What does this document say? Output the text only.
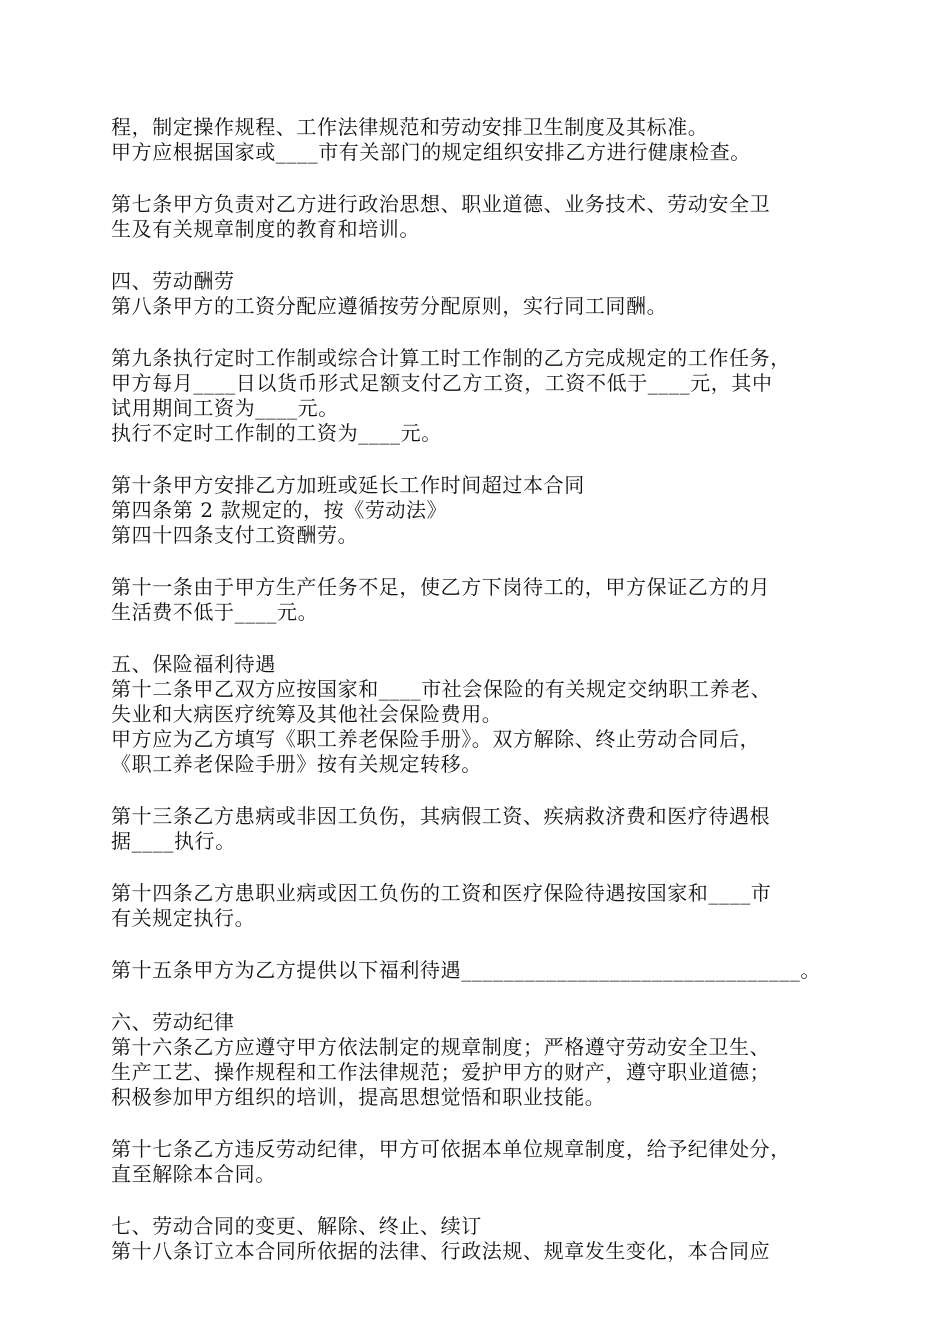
程，制定操作规程、工作法律规范和劳动安排卫生制度及其标准。
甲方应根据国家或____市有关部门的规定组织安排乙方进行健康检查。
第七条甲方负责对乙方进行政治思想、职业道德、业务技术、劳动安全卫
生及有关规章制度的教育和培训。
四、劳动酬劳
第八条甲方的工资分配应遵循按劳分配原则，实行同工同酬。
第九条执行定时工作制或综合计算工时工作制的乙方完成规定的工作任务，
甲方每月____日以货币形式足额支付乙方工资，工资不低于____元，其中
试用期间工资为____元。
执行不定时工作制的工资为____元。
第十条甲方安排乙方加班或延长工作时间超过本合同
第四条第 2 款规定的，按《劳动法》
第四十四条支付工资酬劳。
第十一条由于甲方生产任务不足，使乙方下岗待工的，甲方保证乙方的月
生活费不低于____元。
五、保险福利待遇
第十二条甲乙双方应按国家和____市社会保险的有关规定交纳职工养老、
失业和大病医疗统筹及其他社会保险费用。
甲方应为乙方填写《职工养老保险手册》。双方解除、终止劳动合同后，
《职工养老保险手册》按有关规定转移。
第十三条乙方患病或非因工负伤，其病假工资、疾病救济费和医疗待遇根
据____执行。
第十四条乙方患职业病或因工负伤的工资和医疗保险待遇按国家和____市
有关规定执行。
第十五条甲方为乙方提供以下福利待遇________________________________。
六、劳动纪律
第十六条乙方应遵守甲方依法制定的规章制度；严格遵守劳动安全卫生、
生产工艺、操作规程和工作法律规范；爱护甲方的财产，遵守职业道德；
积极参加甲方组织的培训，提高思想觉悟和职业技能。
第十七条乙方违反劳动纪律，甲方可依据本单位规章制度，给予纪律处分，
直至解除本合同。
七、劳动合同的变更、解除、终止、续订
第十八条订立本合同所依据的法律、行政法规、规章发生变化，本合同应
